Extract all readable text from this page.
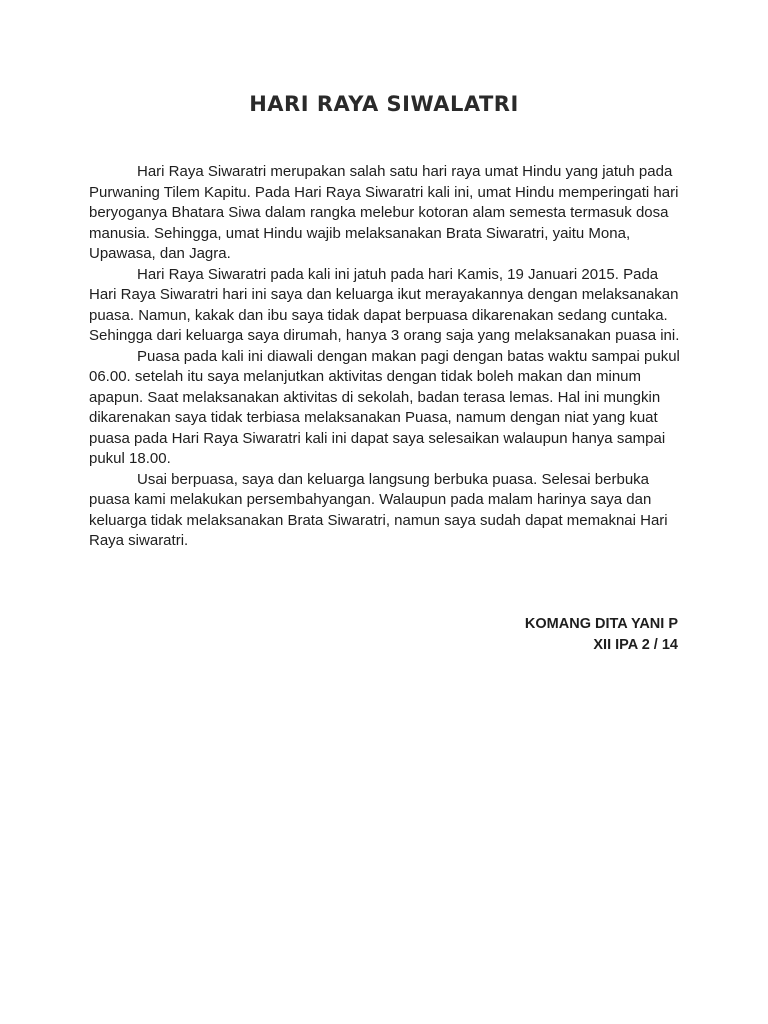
HARI RAYA SIWALATRI

Hari Raya Siwaratri merupakan salah satu hari raya umat Hindu yang jatuh pada Purwaning Tilem Kapitu. Pada Hari Raya Siwaratri kali ini, umat Hindu memperingati hari beryoganya Bhatara Siwa dalam rangka melebur kotoran alam semesta termasuk dosa manusia. Sehingga, umat Hindu wajib melaksanakan Brata Siwaratri, yaitu Mona, Upawasa, dan Jagra.

Hari Raya Siwaratri pada kali ini jatuh pada hari Kamis, 19 Januari 2015. Pada Hari Raya Siwaratri hari ini saya dan keluarga ikut merayakannya dengan melaksanakan puasa. Namun, kakak dan ibu saya tidak dapat berpuasa dikarenakan sedang cuntaka. Sehingga dari keluarga saya dirumah, hanya 3 orang saja yang melaksanakan puasa ini.

Puasa pada kali ini diawali dengan makan pagi dengan batas waktu sampai pukul 06.00. setelah itu saya melanjutkan aktivitas dengan tidak boleh makan dan minum apapun. Saat melaksanakan aktivitas di sekolah, badan terasa lemas. Hal ini mungkin dikarenakan saya tidak terbiasa melaksanakan Puasa, namum dengan niat yang kuat puasa pada Hari Raya Siwaratri kali ini dapat saya selesaikan walaupun hanya sampai pukul 18.00.

Usai berpuasa, saya dan keluarga langsung berbuka puasa. Selesai berbuka puasa kami melakukan persembahyangan. Walaupun pada malam harinya saya dan keluarga tidak melaksanakan Brata Siwaratri, namun saya sudah dapat memaknai Hari Raya siwaratri.

KOMANG DITA YANI P
XII IPA 2 / 14
